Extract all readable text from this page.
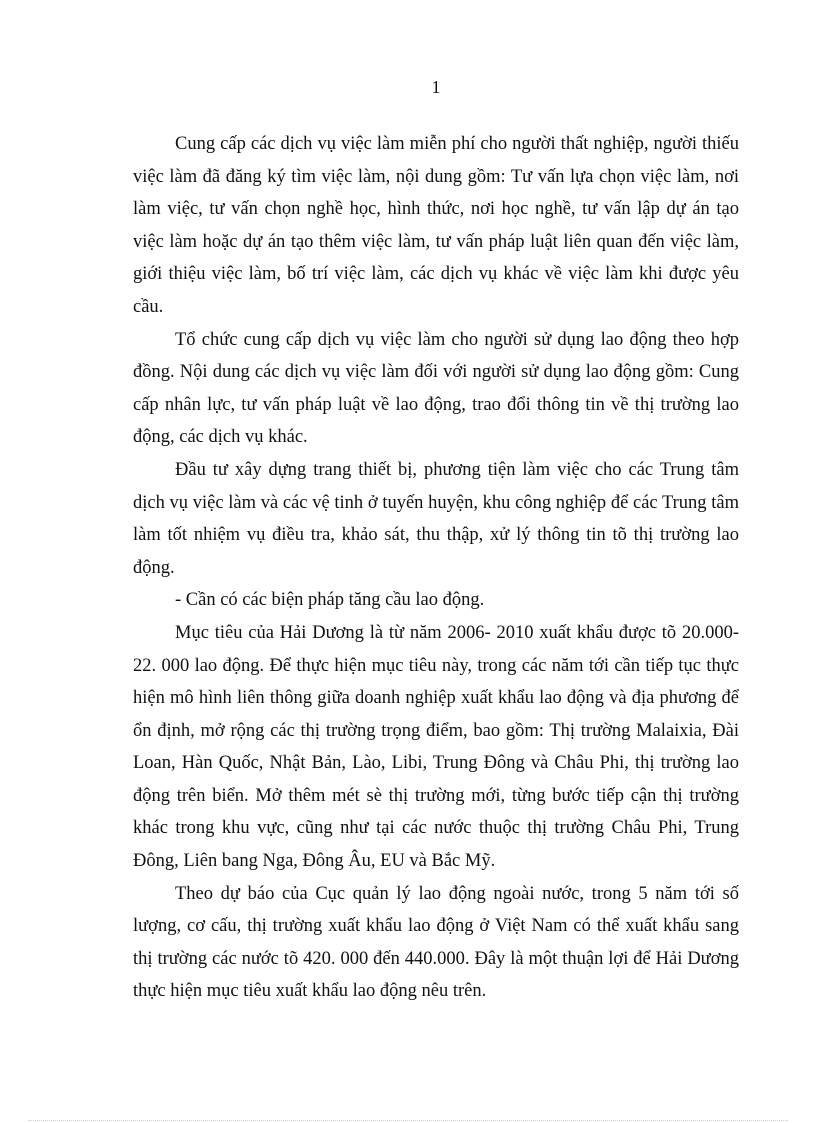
1

Cung cấp các dịch vụ việc làm miễn phí cho người thất nghiệp, người thiếu việc làm đã đăng ký tìm việc làm, nội dung gồm: Tư vấn lựa chọn việc làm, nơi làm việc, tư vấn chọn nghề học, hình thức, nơi học nghề, tư vấn lập dự án tạo việc làm hoặc dự án tạo thêm việc làm, tư vấn pháp luật liên quan đến việc làm, giới thiệu việc làm, bố trí việc làm, các dịch vụ khác về việc làm khi được yêu cầu.

Tổ chức cung cấp dịch vụ việc làm cho người sử dụng lao động theo hợp đồng. Nội dung các dịch vụ việc làm đối với người sử dụng lao động gồm: Cung cấp nhân lực, tư vấn pháp luật về lao động, trao đổi thông tin về thị trường lao động, các dịch vụ khác.

Đầu tư xây dựng trang thiết bị, phương tiện làm việc cho các Trung tâm dịch vụ việc làm và các vệ tinh ở tuyến huyện, khu công nghiệp để các Trung tâm làm tốt nhiệm vụ điều tra, khảo sát, thu thập, xử lý thông tin tõ thị trường lao động.

- Cần có các biện pháp tăng cầu lao động.

Mục tiêu của Hải Dương là từ năm 2006- 2010 xuất khẩu được tõ 20.000- 22. 000 lao động. Để thực hiện mục tiêu này, trong các năm tới cần tiếp tục thực hiện mô hình liên thông giữa doanh nghiệp xuất khẩu lao động và địa phương để ổn định, mở rộng các thị trường trọng điểm, bao gồm: Thị trường Malaixia, Đài Loan, Hàn Quốc, Nhật Bản, Lào, Libi, Trung Đông và Châu Phi, thị trường lao động trên biển. Mở thêm mét sè thị trường mới, từng bước tiếp cận thị trường khác trong khu vực, cũng như tại các nước thuộc thị trường Châu Phi, Trung Đông, Liên bang Nga, Đông Âu, EU và Bắc Mỹ.

Theo dự báo của Cục quản lý lao động ngoài nước, trong 5 năm tới số lượng, cơ cấu, thị trường xuất khẩu lao động ở Việt Nam có thể xuất khẩu sang thị trường các nước tõ 420. 000 đến 440.000. Đây là một thuận lợi để Hải Dương thực hiện mục tiêu xuất khẩu lao động nêu trên.
